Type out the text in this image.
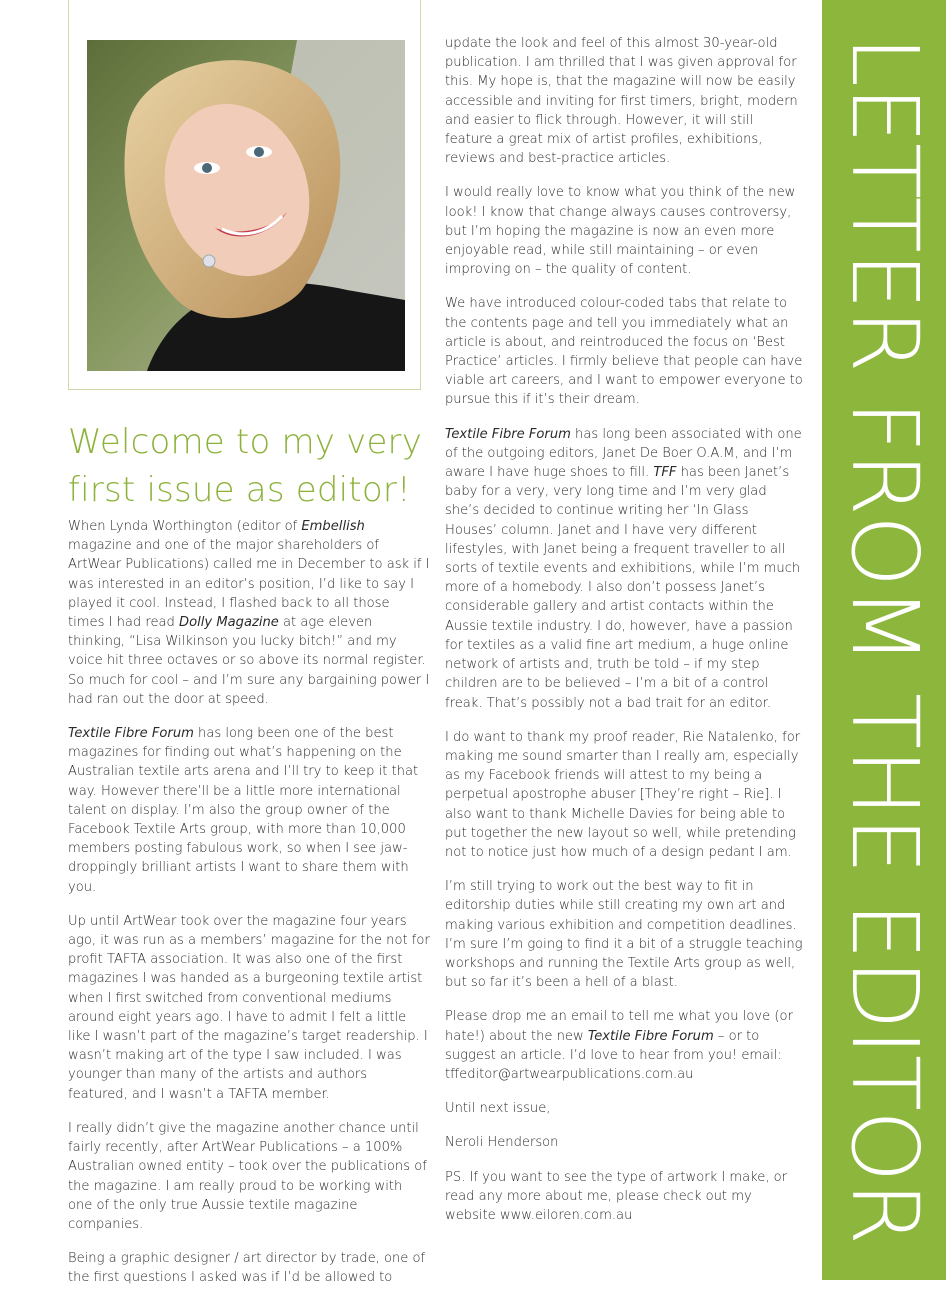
Welcome to my very first issue as editor!

When Lynda Worthington (editor of Embellish magazine and one of the major shareholders of ArtWear Publications) called me in December to ask if I was interested in an editor’s position, I’d like to say I played it cool. Instead, I flashed back to all those times I had read Dolly Magazine at age eleven thinking, “Lisa Wilkinson you lucky bitch!” and my voice hit three octaves or so above its normal register. So much for cool – and I’m sure any bargaining power I had ran out the door at speed.

Textile Fibre Forum has long been one of the best magazines for finding out what’s happening on the Australian textile arts arena and I’ll try to keep it that way. However there’ll be a little more international talent on display. I’m also the group owner of the Facebook Textile Arts group, with more than 10,000 members posting fabulous work, so when I see jaw-droppingly brilliant artists I want to share them with you.

Up until ArtWear took over the magazine four years ago, it was run as a members’ magazine for the not for profit TAFTA association. It was also one of the first magazines I was handed as a burgeoning textile artist when I first switched from conventional mediums around eight years ago. I have to admit I felt a little like I wasn’t part of the magazine’s target readership. I wasn’t making art of the type I saw included. I was younger than many of the artists and authors featured, and I wasn’t a TAFTA member.

I really didn’t give the magazine another chance until fairly recently, after ArtWear Publications – a 100% Australian owned entity – took over the publications of the magazine. I am really proud to be working with one of the only true Aussie textile magazine companies.

Being a graphic designer / art director by trade, one of the first questions I asked was if I’d be allowed to

update the look and feel of this almost 30-year-old publication. I am thrilled that I was given approval for this. My hope is, that the magazine will now be easily accessible and inviting for first timers, bright, modern and easier to flick through. However, it will still feature a great mix of artist profiles, exhibitions, reviews and best-practice articles.

I would really love to know what you think of the new look! I know that change always causes controversy, but I’m hoping the magazine is now an even more enjoyable read, while still maintaining – or even improving on – the quality of content.

We have introduced colour-coded tabs that relate to the contents page and tell you immediately what an article is about, and reintroduced the focus on ‘Best Practice’ articles. I firmly believe that people can have viable art careers, and I want to empower everyone to pursue this if it’s their dream.

Textile Fibre Forum has long been associated with one of the outgoing editors, Janet De Boer O.A.M, and I’m aware I have huge shoes to fill. TFF has been Janet’s baby for a very, very long time and I’m very glad she’s decided to continue writing her ‘In Glass Houses’ column. Janet and I have very different lifestyles, with Janet being a frequent traveller to all sorts of textile events and exhibitions, while I’m much more of a homebody. I also don’t possess Janet’s considerable gallery and artist contacts within the Aussie textile industry. I do, however, have a passion for textiles as a valid fine art medium, a huge online network of artists and, truth be told – if my step children are to be believed – I’m a bit of a control freak. That’s possibly not a bad trait for an editor.

I do want to thank my proof reader, Rie Natalenko, for making me sound smarter than I really am, especially as my Facebook friends will attest to my being a perpetual apostrophe abuser [They’re right – Rie]. I also want to thank Michelle Davies for being able to put together the new layout so well, while pretending not to notice just how much of a design pedant I am.

I’m still trying to work out the best way to fit in editorship duties while still creating my own art and making various exhibition and competition deadlines. I’m sure I’m going to find it a bit of a struggle teaching workshops and running the Textile Arts group as well, but so far it’s been a hell of a blast.

Please drop me an email to tell me what you love (or hate!) about the new Textile Fibre Forum – or to suggest an article. I’d love to hear from you! email: tffeditor@artwearpublications.com.au

Until next issue,

Neroli Henderson

PS. If you want to see the type of artwork I make, or read any more about me, please check out my website www.eiloren.com.au	LETTER FROM THE EDITOR
